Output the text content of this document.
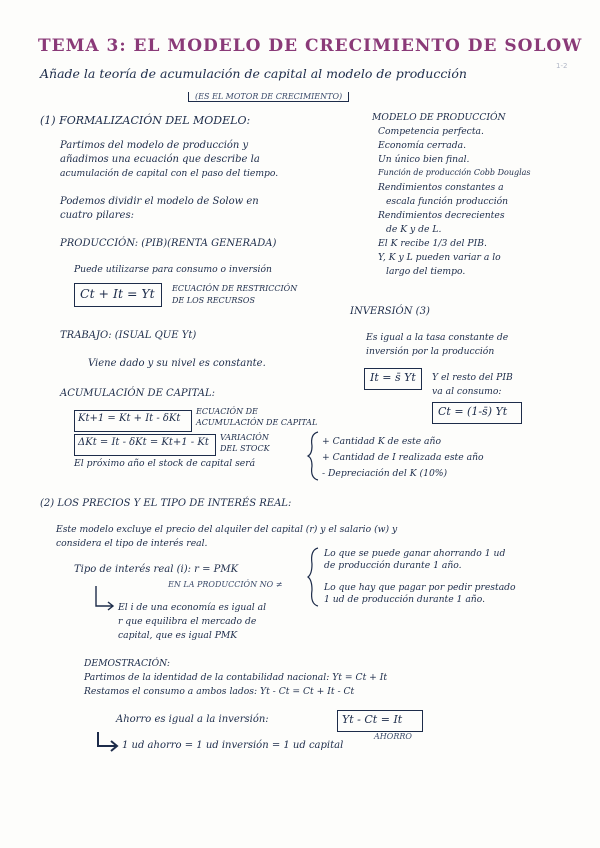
TEMA 3: EL MODELO DE CRECIMIENTO DE SOLOW
1-2
Añade la teoría de acumulación de capital al modelo de producción
(ES EL MOTOR DE CRECIMIENTO)
(1) FORMALIZACIÓN DEL MODELO:
Partimos del modelo de producción y
añadimos una ecuación que describe la
acumulación de capital con el paso del tiempo.
Podemos dividir el modelo de Solow en
cuatro pilares:
PRODUCCIÓN: (PIB)(RENTA GENERADA)
Puede utilizarse para consumo o inversión
Ct + It = Yt ECUACIÓN DE RESTRICCIÓN
DE LOS RECURSOS
TRABAJO: (ISUAL QUE Yt)
Viene dado y su nivel es constante.
ACUMULACIÓN DE CAPITAL:
Kt+1 = Kt + It - δKt
ECUACIÓN DE
ACUMULACIÓN DE CAPITAL
ΔKt = It - δKt = Kt+1 - Kt VARIACIÓN
DEL STOCK
El próximo año el stock de capital será
+ Cantidad K de este año
+ Cantidad de I realizada este año
- Depreciación del K (10%)
MODELO DE PRODUCCIÓN
Competencia perfecta.
Economía cerrada.
Un único bien final.
Función de producción Cobb Douglas
Rendimientos constantes a
escala función producción
Rendimientos decrecientes
de K y de L.
El K recibe 1/3 del PIB.
Y, K y L pueden variar a lo
largo del tiempo.
INVERSIÓN (3)
Es igual a la tasa constante de
inversión por la producción
It = s̄ Yt Y el resto del PIB
va al consumo:
Ct = (1-s̄) Yt
(2) LOS PRECIOS Y EL TIPO DE INTERÉS REAL:
Este modelo excluye el precio del alquiler del capital (r) y el salario (w) y
considera el tipo de interés real.
Tipo de interés real (i): r = PMK
EN LA PRODUCCIÓN NO ≠
Lo que se puede ganar ahorrando 1 ud
de producción durante 1 año.
Lo que hay que pagar por pedir prestado
1 ud de producción durante 1 año.
El i de una economía es igual al
r que equilibra el mercado de
capital, que es igual PMK
DEMOSTRACIÓN:
Partimos de la identidad de la contabilidad nacional: Yt = Ct + It
Restamos el consumo a ambos lados: Yt - Ct = Ct + It - Ct
Ahorro es igual a la inversión:	Yt - Ct = It
AHORRO
1 ud ahorro = 1 ud inversión = 1 ud capital
